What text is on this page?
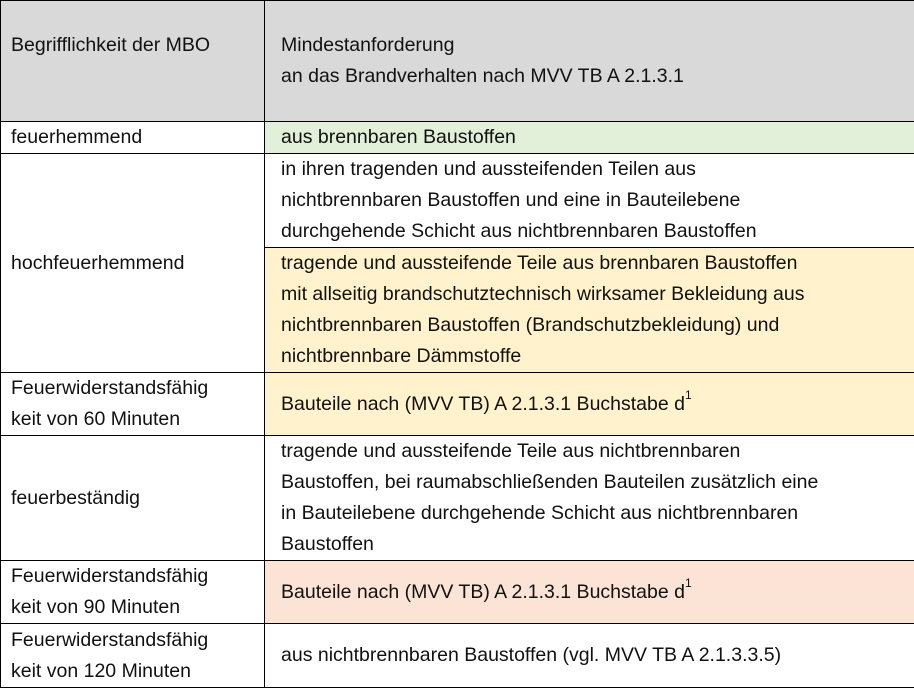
Begrifflichkeit der MBO	Mindestanforderung
an das Brandverhalten nach MVV TB A 2.1.3.1

feuerhemmend	aus brennbaren Baustoffen
hochfeuerhemmend	in ihren tragenden und aussteifenden Teilen aus
nichtbrennbaren Baustoffen und eine in Bauteilebene
durchgehende Schicht aus nichtbrennbaren Baustoffen

	tragende und aussteifende Teile aus brennbaren Baustoffen
mit allseitig brandschutztechnisch wirksamer Bekleidung aus
nichtbrennbaren Baustoffen (Brandschutzbekleidung) und
nichtbrennbare Dämmstoffe

Feuerwiderstandsfähig
keit von 60 Minuten	Bauteile nach (MVV TB) A 2.1.3.1 Buchstabe $d^1$
feuerbeständig	tragende und aussteifende Teile aus nichtbrennbaren
Baustoffen, bei raumabschließenden Bauteilen zusätzlich eine
in Bauteilebene durchgehende Schicht aus nichtbrennbaren
Baustoffen

Feuerwiderstandsfähig
keit von 90 Minuten	Bauteile nach (MVV TB) A 2.1.3.1 Buchstabe $d^1$

Feuerwiderstandsfähig
keit von 120 Minuten	aus nichtbrennbaren Baustoffen (vgl. MVV TB A 2.1.3.3.5)
